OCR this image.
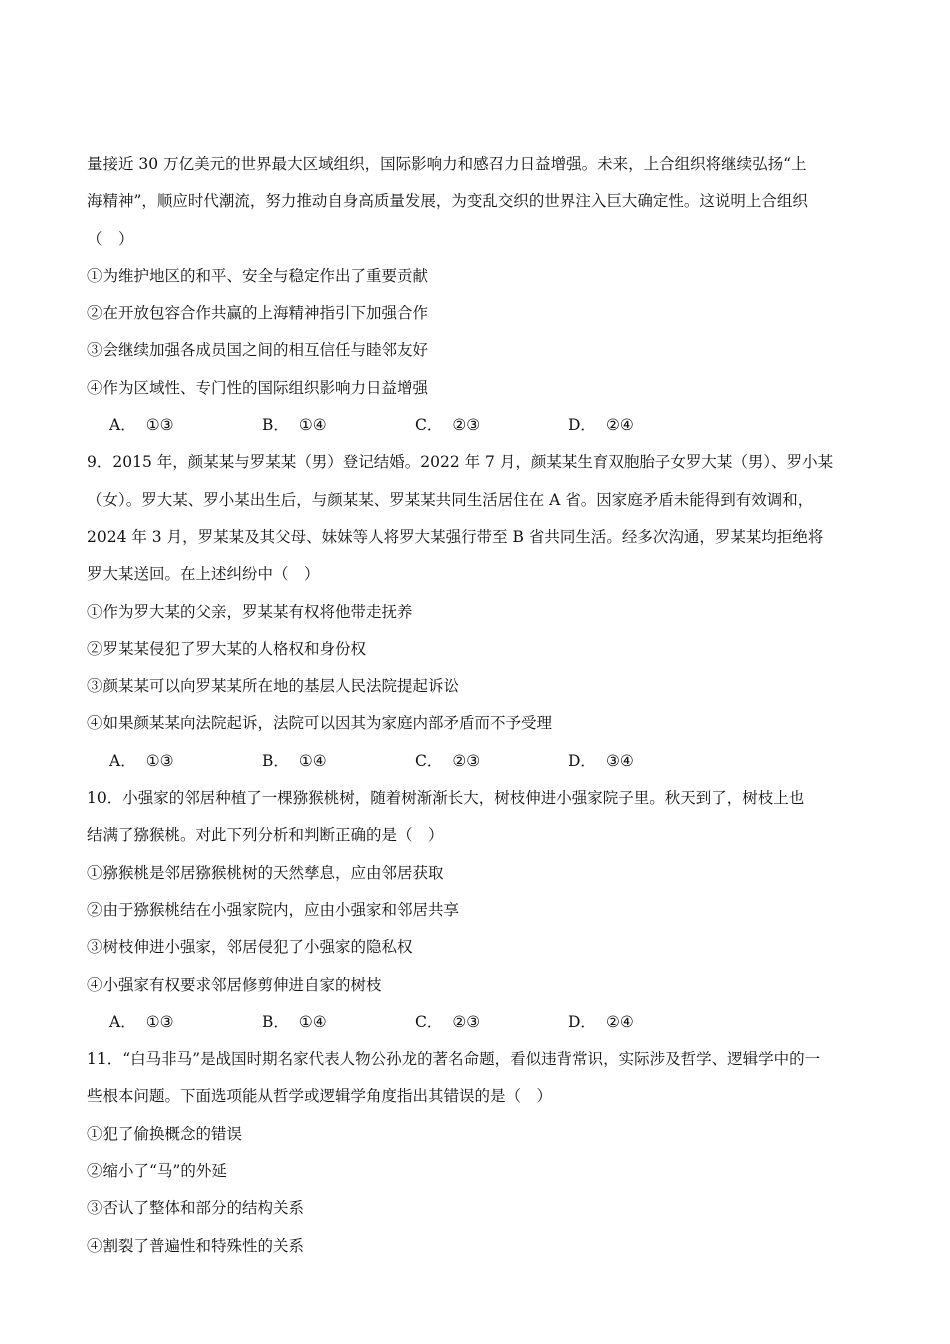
量接近 30 万亿美元的世界最大区域组织，国际影响力和感召力日益增强。未来，上合组织将继续弘扬“上
海精神”，顺应时代潮流，努力推动自身高质量发展，为变乱交织的世界注入巨大确定性。这说明上合组织
（　）
①为维护地区的和平、安全与稳定作出了重要贡献
②在开放包容合作共赢的上海精神指引下加强合作
③会继续加强各成员国之间的相互信任与睦邻友好
④作为区域性、专门性的国际组织影响力日益增强
A． ①③	B． ①④	C． ②③	D． ②④
9．2015 年，颜某某与罗某某（男）登记结婚。2022 年 7 月，颜某某生育双胞胎子女罗大某（男）、罗小某
（女）。罗大某、罗小某出生后，与颜某某、罗某某共同生活居住在 A 省。因家庭矛盾未能得到有效调和，
2024 年 3 月，罗某某及其父母、妹妹等人将罗大某强行带至 B 省共同生活。经多次沟通，罗某某均拒绝将
罗大某送回。在上述纠纷中（　）
①作为罗大某的父亲，罗某某有权将他带走抚养
②罗某某侵犯了罗大某的人格权和身份权
③颜某某可以向罗某某所在地的基层人民法院提起诉讼
④如果颜某某向法院起诉，法院可以因其为家庭内部矛盾而不予受理
A． ①③	B． ①④	C． ②③	D． ③④
10．小强家的邻居种植了一棵猕猴桃树，随着树渐渐长大，树枝伸进小强家院子里。秋天到了，树枝上也
结满了猕猴桃。对此下列分析和判断正确的是（　）
①猕猴桃是邻居猕猴桃树的天然孳息，应由邻居获取
②由于猕猴桃结在小强家院内，应由小强家和邻居共享
③树枝伸进小强家，邻居侵犯了小强家的隐私权
④小强家有权要求邻居修剪伸进自家的树枝
A． ①③	B． ①④	C． ②③	D． ②④
11．“白马非马”是战国时期名家代表人物公孙龙的著名命题，看似违背常识，实际涉及哲学、逻辑学中的一
些根本问题。下面选项能从哲学或逻辑学角度指出其错误的是（　）
①犯了偷换概念的错误
②缩小了“马”的外延
③否认了整体和部分的结构关系
④割裂了普遍性和特殊性的关系
